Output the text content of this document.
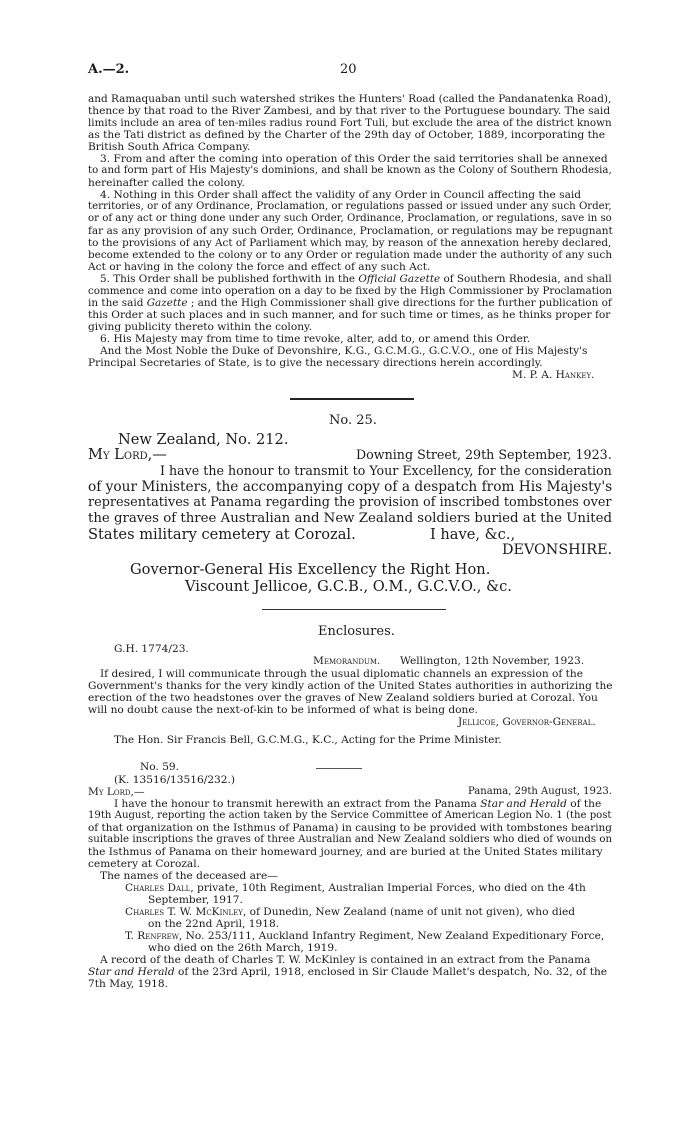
A.—2.	20
and Ramaquaban until such watershed strikes the Hunters' Road (called the Pandanatenka Road),
thence by that road to the River Zambesi, and by that river to the Portuguese boundary. The said
limits include an area of ten-miles radius round Fort Tuli, but exclude the area of the district known
as the Tati district as defined by the Charter of the 29th day of October, 1889, incorporating the
British South Africa Company.
3. From and after the coming into operation of this Order the said territories shall be annexed
to and form part of His Majesty's dominions, and shall be known as the Colony of Southern Rhodesia,
hereinafter called the colony.
4. Nothing in this Order shall affect the validity of any Order in Council affecting the said
territories, or of any Ordinance, Proclamation, or regulations passed or issued under any such Order,
or of any act or thing done under any such Order, Ordinance, Proclamation, or regulations, save in so
far as any provision of any such Order, Ordinance, Proclamation, or regulations may be repugnant
to the provisions of any Act of Parliament which may, by reason of the annexation hereby declared,
become extended to the colony or to any Order or regulation made under the authority of any such
Act or having in the colony the force and effect of any such Act.
5. This Order shall be published forthwith in the Official Gazette of Southern Rhodesia, and shall
commence and come into operation on a day to be fixed by the High Commissioner by Proclamation
in the said Gazette ; and the High Commissioner shall give directions for the further publication of
this Order at such places and in such manner, and for such time or times, as he thinks proper for
giving publicity thereto within the colony.
6. His Majesty may from time to time revoke, alter, add to, or amend this Order.
And the Most Noble the Duke of Devonshire, K.G., G.C.M.G., G.C.V.O., one of His Majesty's
Principal Secretaries of State, is to give the necessary directions herein accordingly.
M. P. A. Hankey.
No. 25.
New Zealand, No. 212.
My Lord,—	Downing Street, 29th September, 1923.
I have the honour to transmit to Your Excellency, for the consideration
of your Ministers, the accompanying copy of a despatch from His Majesty's
representatives at Panama regarding the provision of inscribed tombstones over
the graves of three Australian and New Zealand soldiers buried at the United
States military cemetery at Corozal.	I have, &c.,
DEVONSHIRE.
Governor-General His Excellency the Right Hon.
Viscount Jellicoe, G.C.B., O.M., G.C.V.O., &c.
Enclosures.
G.H. 1774/23.
Memorandum. Wellington, 12th November, 1923.
If desired, I will communicate through the usual diplomatic channels an expression of the
Government's thanks for the very kindly action of the United States authorities in authorizing the
erection of the two headstones over the graves of New Zealand soldiers buried at Corozal. You
will no doubt cause the next-of-kin to be informed of what is being done.
Jellicoe, Governor-General.
The Hon. Sir Francis Bell, G.C.M.G., K.C., Acting for the Prime Minister.
No. 59.
(K. 13516/13516/232.)
My Lord,—	Panama, 29th August, 1923.
I have the honour to transmit herewith an extract from the Panama Star and Herald of the
19th August, reporting the action taken by the Service Committee of American Legion No. 1 (the post
of that organization on the Isthmus of Panama) in causing to be provided with tombstones bearing
suitable inscriptions the graves of three Australian and New Zealand soldiers who died of wounds on
the Isthmus of Panama on their homeward journey, and are buried at the United States military
cemetery at Corozal.
The names of the deceased are—
Charles Dall, private, 10th Regiment, Australian Imperial Forces, who died on the 4th
September, 1917.
Charles T. W. McKinley, of Dunedin, New Zealand (name of unit not given), who died
on the 22nd April, 1918.
T. Renfrew, No. 253/111, Auckland Infantry Regiment, New Zealand Expeditionary Force,
who died on the 26th March, 1919.
A record of the death of Charles T. W. McKinley is contained in an extract from the Panama
Star and Herald of the 23rd April, 1918, enclosed in Sir Claude Mallet's despatch, No. 32, of the
7th May, 1918.
